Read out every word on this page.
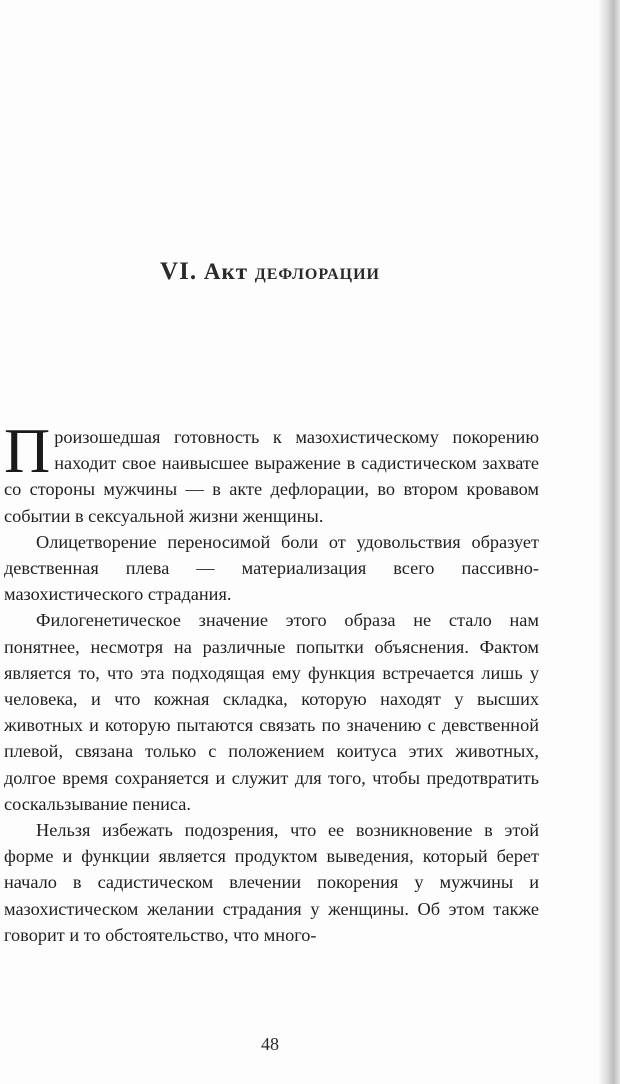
VI. Акт дефлорации

Произошедшая готовность к мазохистическому покорению находит свое наивысшее выражение в садистическом захвате со стороны мужчины — в акте дефлорации, во втором кровавом событии в сексуальной жизни женщины.

Олицетворение переносимой боли от удовольствия образует девственная плева — материализация всего пассивно-мазохистического страдания.

Филогенетическое значение этого образа не стало нам понятнее, несмотря на различные попытки объяснения. Фактом является то, что эта подходящая ему функция встречается лишь у человека, и что кожная складка, которую находят у высших животных и которую пытаются связать по значению с девственной плевой, связана только с положением коитуса этих животных, долгое время сохраняется и служит для того, чтобы предотвратить соскальзывание пениса.

Нельзя избежать подозрения, что ее возникновение в этой форме и функции является продуктом выведения, который берет начало в садистическом влечении покорения у мужчины и мазохистическом желании страдания у женщины. Об этом также говорит и то обстоятельство, что много-

48
